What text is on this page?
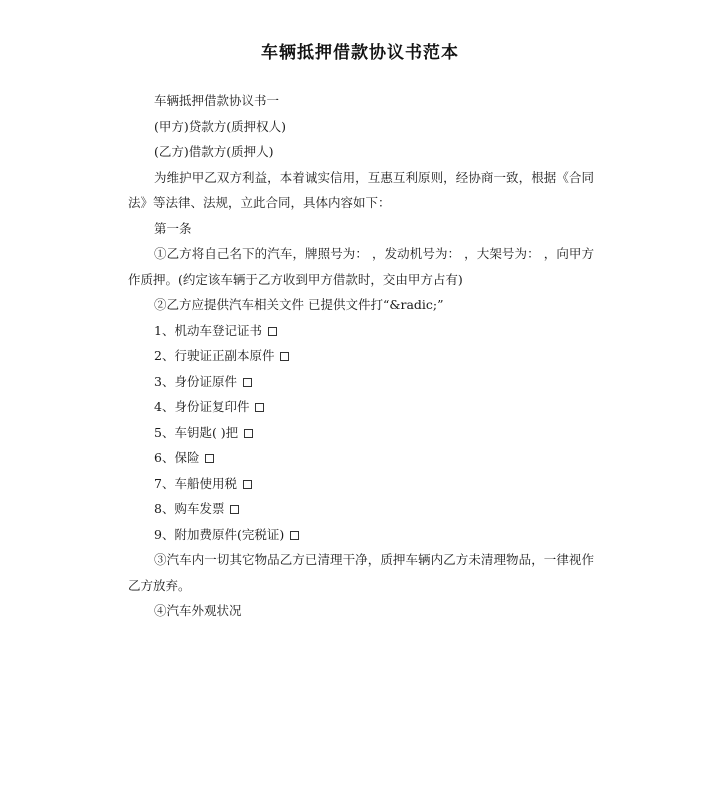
车辆抵押借款协议书范本

车辆抵押借款协议书一

(甲方)贷款方(质押权人)

(乙方)借款方(质押人)

为维护甲乙双方利益，本着诚实信用，互惠互利原则，经协商一致，根据《合同法》等法律、法规，立此合同，具体内容如下：

第一条

①乙方将自己名下的汽车，牌照号为： ，发动机号为： ，大架号为： ，向甲方作质押。(约定该车辆于乙方收到甲方借款时，交由甲方占有)

②乙方应提供汽车相关文件 已提供文件打“&radic;”

1、机动车登记证书

2、行驶证正副本原件

3、身份证原件

4、身份证复印件

5、车钥匙( )把

6、保险

7、车船使用税

8、购车发票

9、附加费原件(完税证)

③汽车内一切其它物品乙方已清理干净，质押车辆内乙方未清理物品，一律视作乙方放弃。

④汽车外观状况
